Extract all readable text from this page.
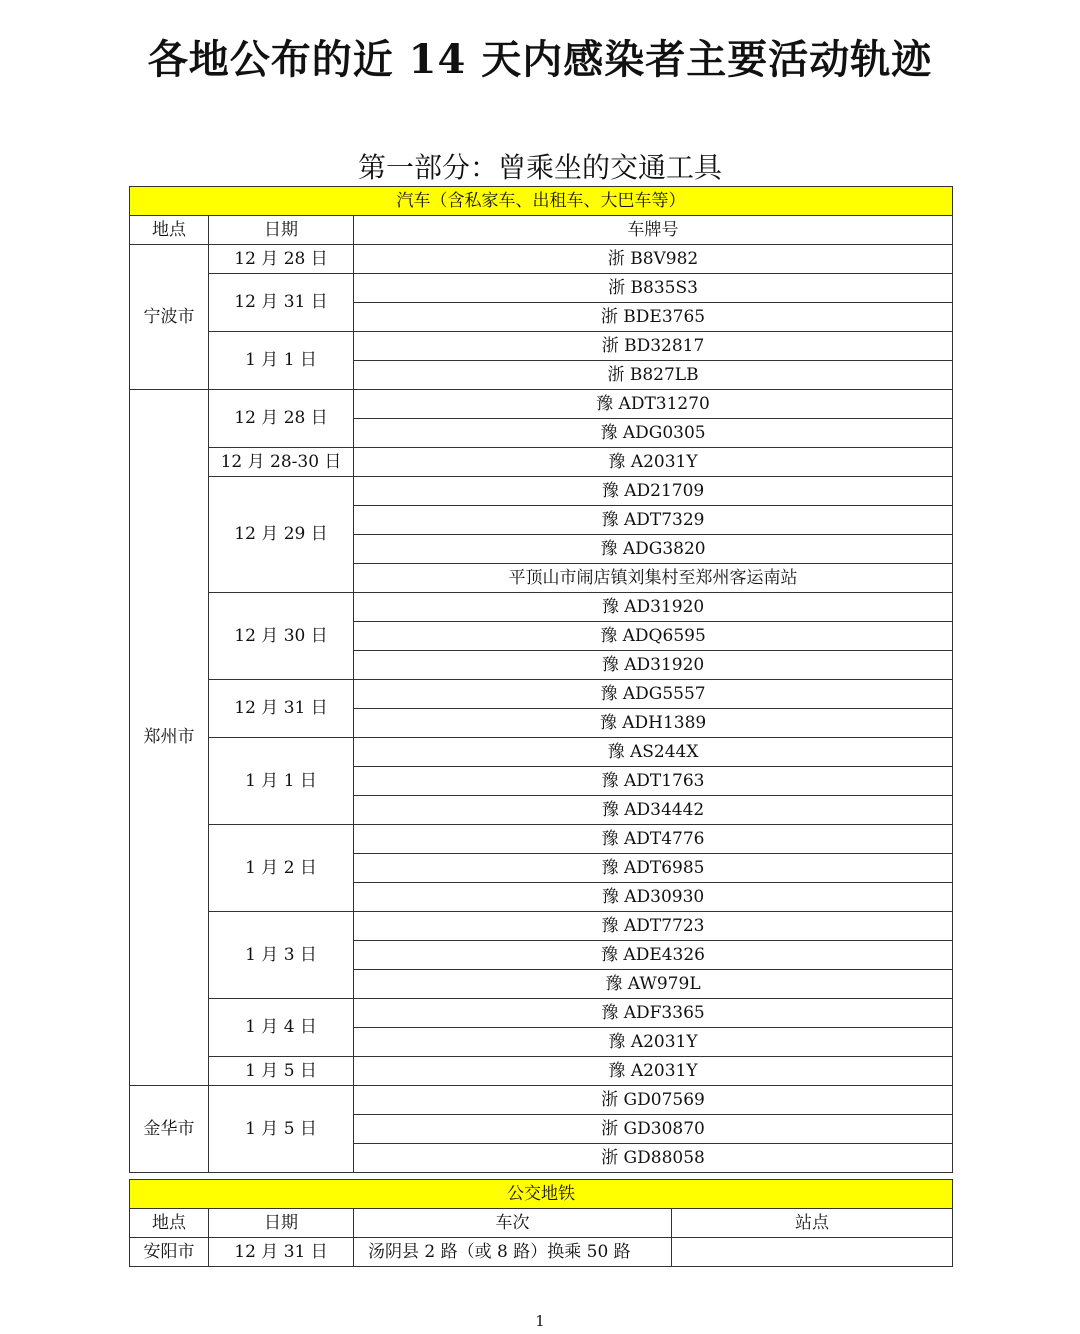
各地公布的近 14 天内感染者主要活动轨迹
第一部分：曾乘坐的交通工具
汽车（含私家车、出租车、大巴车等）		
地点	日期	车牌号
宁波市	12 月 28 日	浙 B8V982
	12 月 31 日	浙 B835S3
		浙 BDE3765
	1 月 1 日	浙 BD32817
		浙 B827LB
郑州市	12 月 28 日	豫 ADT31270
		豫 ADG0305
	12 月 28-30 日	豫 A2031Y
	12 月 29 日	豫 AD21709
		豫 ADT7329
		豫 ADG3820
		平顶山市闹店镇刘集村至郑州客运南站
	12 月 30 日	豫 AD31920
		豫 ADQ6595
		豫 AD31920
	12 月 31 日	豫 ADG5557
		豫 ADH1389
	1 月 1 日	豫 AS244X
		豫 ADT1763
		豫 AD34442
	1 月 2 日	豫 ADT4776
		豫 ADT6985
		豫 AD30930
	1 月 3 日	豫 ADT7723
		豫 ADE4326
		豫 AW979L
	1 月 4 日	豫 ADF3365
		豫 A2031Y
	1 月 5 日	豫 A2031Y
金华市	1 月 5 日	浙 GD07569
		浙 GD30870
		浙 GD88058
公交地铁			
地点	日期	车次	站点
安阳市	12 月 31 日	汤阴县 2 路（或 8 路）换乘 50 路	
1
